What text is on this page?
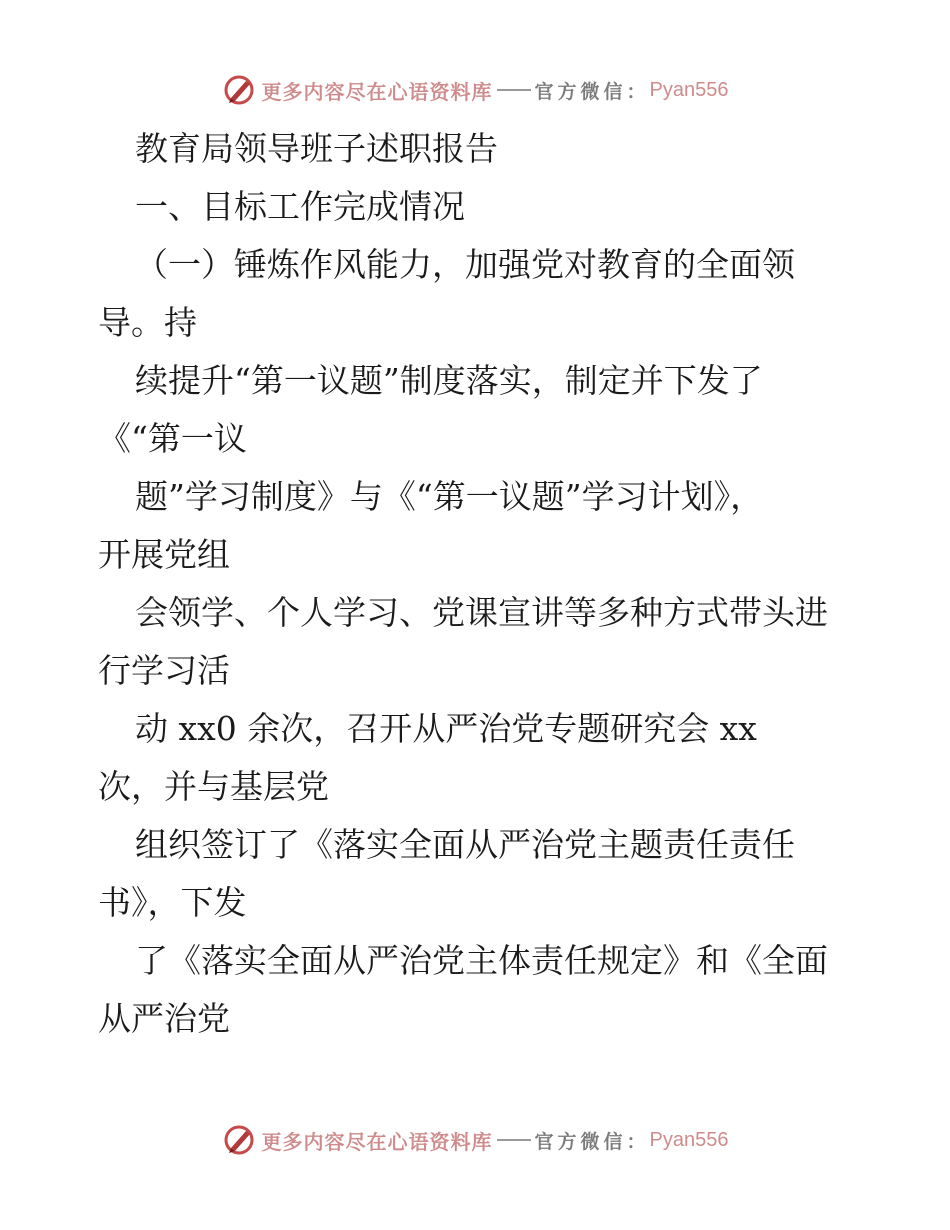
更多内容尽在心语资料库 官方微信： Pyan556
教育局领导班子述职报告
一、目标工作完成情况
（一）锤炼作风能力，加强党对教育的全面领
导。持
续提升“第一议题”制度落实，制定并下发了
《“第一议
题”学习制度》与《“第一议题”学习计划》，
开展党组
会领学、个人学习、党课宣讲等多种方式带头进
行学习活
动 xx0 余次，召开从严治党专题研究会 xx
次，并与基层党
组织签订了《落实全面从严治党主题责任责任
书》，下发
了《落实全面从严治党主体责任规定》和《全面
从严治党
更多内容尽在心语资料库 官方微信： Pyan556
